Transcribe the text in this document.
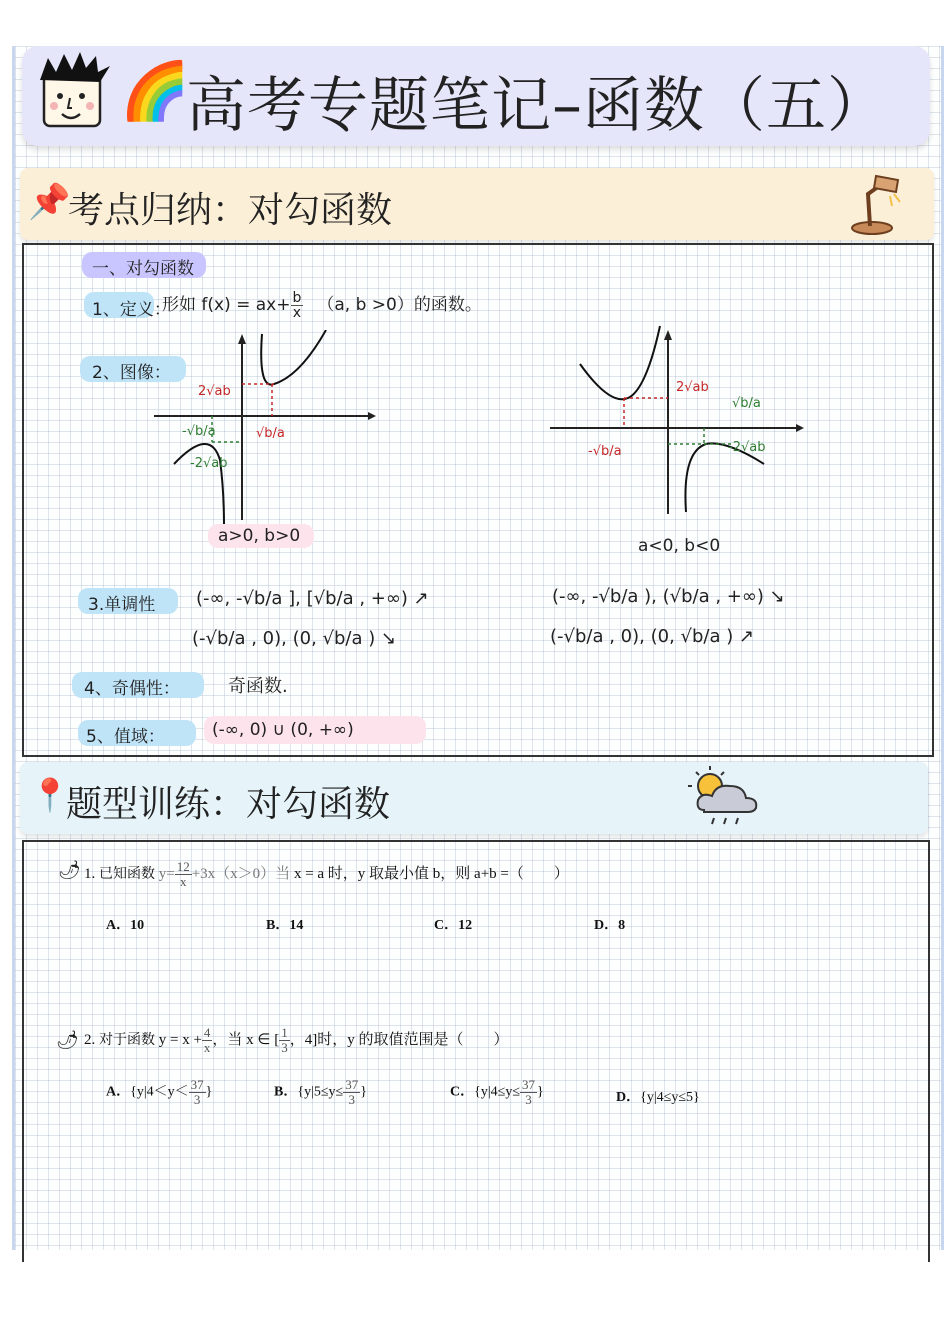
🌈
高考专题笔记–函数（五）
📌
考点归纳：对勾函数
一、对勾函数
1、定义：
形如 $f(x) = ax+ \frac{b}{x} (a$, b >0）的函数。
2、图像：
2√ab
-√b/a
-2√ab
√b/a
a>0, b>0
2√ab
√b/a
-√b/a	-2√ab
a<0, b<0
3.单调性 (-∞, -√b/a ], [√b/a , +∞) ↗
(-√b/a , 0), (0, √b/a ) ↘
(-∞, -√b/a ), (√b/a , +∞) ↘
(-√b/a , 0), (0, √b/a ) ↗
4、奇偶性：	奇函数.
5、值域：	(-∞, 0) ∪ (0, +∞)
📍
题型训练：对勾函数
🌶 1. 已知函数 $y= \frac{12}{x} +3x(x>0)$当 x = a 时，y 取最小值 b，则 a+b =（　　）
A．10	B．14	C．12	D．8
🌶 2. 对于函数 $y = x + \frac{4}{x}$ ，当 x ∈ [ $\frac{1}{3}$ ，4]时，y 的取值范围是（　　）
A．{$y|4<y< \frac{37}{3}$ }	B．{$y|5\le y\le \frac{37}{3}$ }	C．{$y|4\le y\le \frac{37}{3}$ }	D．{y|4≤y≤5}
